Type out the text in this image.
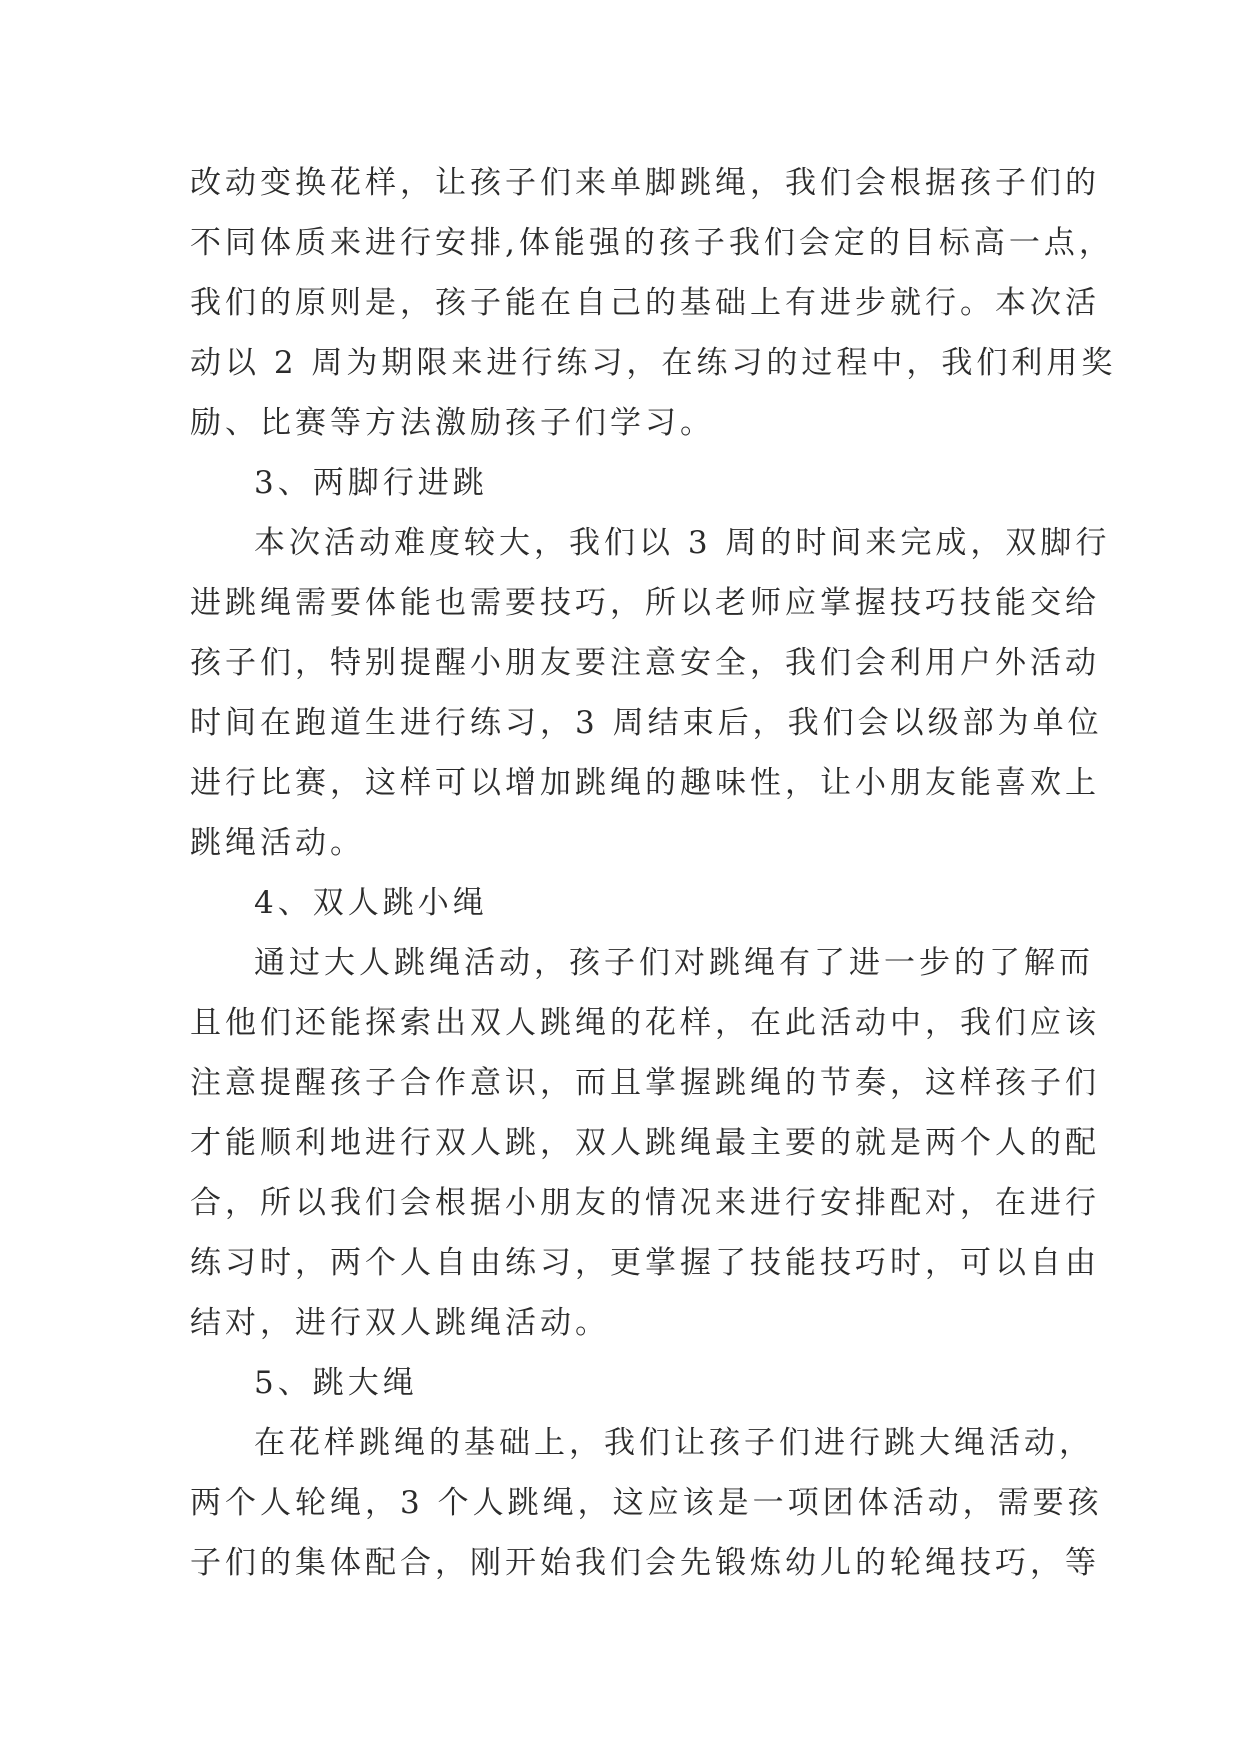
改动变换花样，让孩子们来单脚跳绳，我们会根据孩子们的
不同体质来进行安排,体能强的孩子我们会定的目标高一点，
我们的原则是，孩子能在自己的基础上有进步就行。本次活
动以 2 周为期限来进行练习，在练习的过程中，我们利用奖
励、比赛等方法激励孩子们学习。
3、两脚行进跳
本次活动难度较大，我们以 3 周的时间来完成，双脚行
进跳绳需要体能也需要技巧，所以老师应掌握技巧技能交给
孩子们，特别提醒小朋友要注意安全，我们会利用户外活动
时间在跑道生进行练习，3 周结束后，我们会以级部为单位
进行比赛，这样可以增加跳绳的趣味性，让小朋友能喜欢上
跳绳活动。
4、双人跳小绳
通过大人跳绳活动，孩子们对跳绳有了进一步的了解而
且他们还能探索出双人跳绳的花样，在此活动中，我们应该
注意提醒孩子合作意识，而且掌握跳绳的节奏，这样孩子们
才能顺利地进行双人跳，双人跳绳最主要的就是两个人的配
合，所以我们会根据小朋友的情况来进行安排配对，在进行
练习时，两个人自由练习，更掌握了技能技巧时，可以自由
结对，进行双人跳绳活动。
5、跳大绳
在花样跳绳的基础上，我们让孩子们进行跳大绳活动，
两个人轮绳，3 个人跳绳，这应该是一项团体活动，需要孩
子们的集体配合，刚开始我们会先锻炼幼儿的轮绳技巧，等
